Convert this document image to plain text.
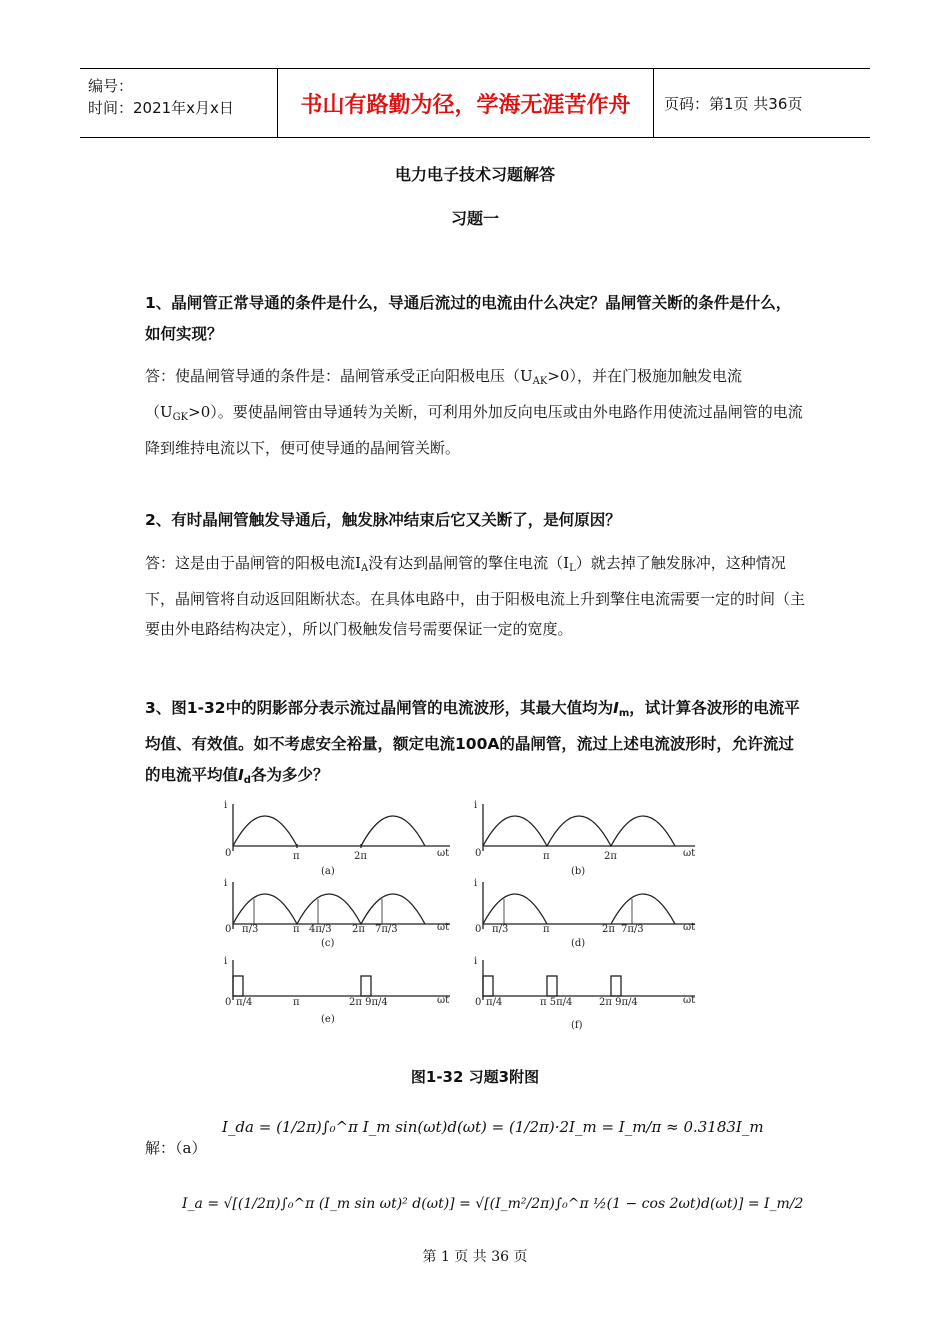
编号：
时间：2021年x月x日	书山有路勤为径，学海无涯苦作舟	页码：第1页 共36页
电力电子技术习题解答
习题一
1、晶闸管正常导通的条件是什么，导通后流过的电流由什么决定？晶闸管关断的条件是什么，如何实现？
答：使晶闸管导通的条件是：晶闸管承受正向阳极电压$(U_{AK}>0)$，并在门极施加触发电流$(U_{GK}>0)$。要使晶闸管由导通转为关断，可利用外加反向电压或由外电路作用使流过晶闸管的电流降到维持电流以下，便可使导通的晶闸管关断。
2、有时晶闸管触发导通后，触发脉冲结束后它又关断了，是何原因？
答：这是由于晶闸管的阳极电流$I_A$没有达到晶闸管的擎住电流$(I_L)$就去掉了触发脉冲，这种情况下，晶闸管将自动返回阻断状态。在具体电路中，由于阳极电流上升到擎住电流需要一定的时间（主要由外电路结构决定），所以门极触发信号需要保证一定的宽度。
3、图1-32中的阴影部分表示流过晶闸管的电流波形，其最大值均为$I_m$，试计算各波形的电流平均值、有效值。如不考虑安全裕量，额定电流100A的晶闸管，流过上述电流波形时，允许流过的电流平均值$I_d$各为多少？
i
0	π	2π	ωt
(a)
i
0	π	2π	ωt
(b)
i
0 π/3	π 4π/3 2π 7π/3	ωt
(c)
i
0 π/3	π	2π 7π/3	ωt
(d)
i
0 π/4	π	2π 9π/4	ωt
(e)
i
0 π/4	π 5π/4	2π 9π/4	ωt
(f)
图1-32 习题3附图
解：（a）
I_da = (1/2π)∫₀^π I_m sin(ωt)d(ωt) = (1/2π)·2I_m = I_m/π ≈ 0.3183I_m
I_a = √[(1/2π)∫₀^π (I_m sin ωt)² d(ωt)] = √[(I_m²/2π)∫₀^π ½(1 − cos 2ωt)d(ωt)] = I_m/2
第 1 页 共 36 页
